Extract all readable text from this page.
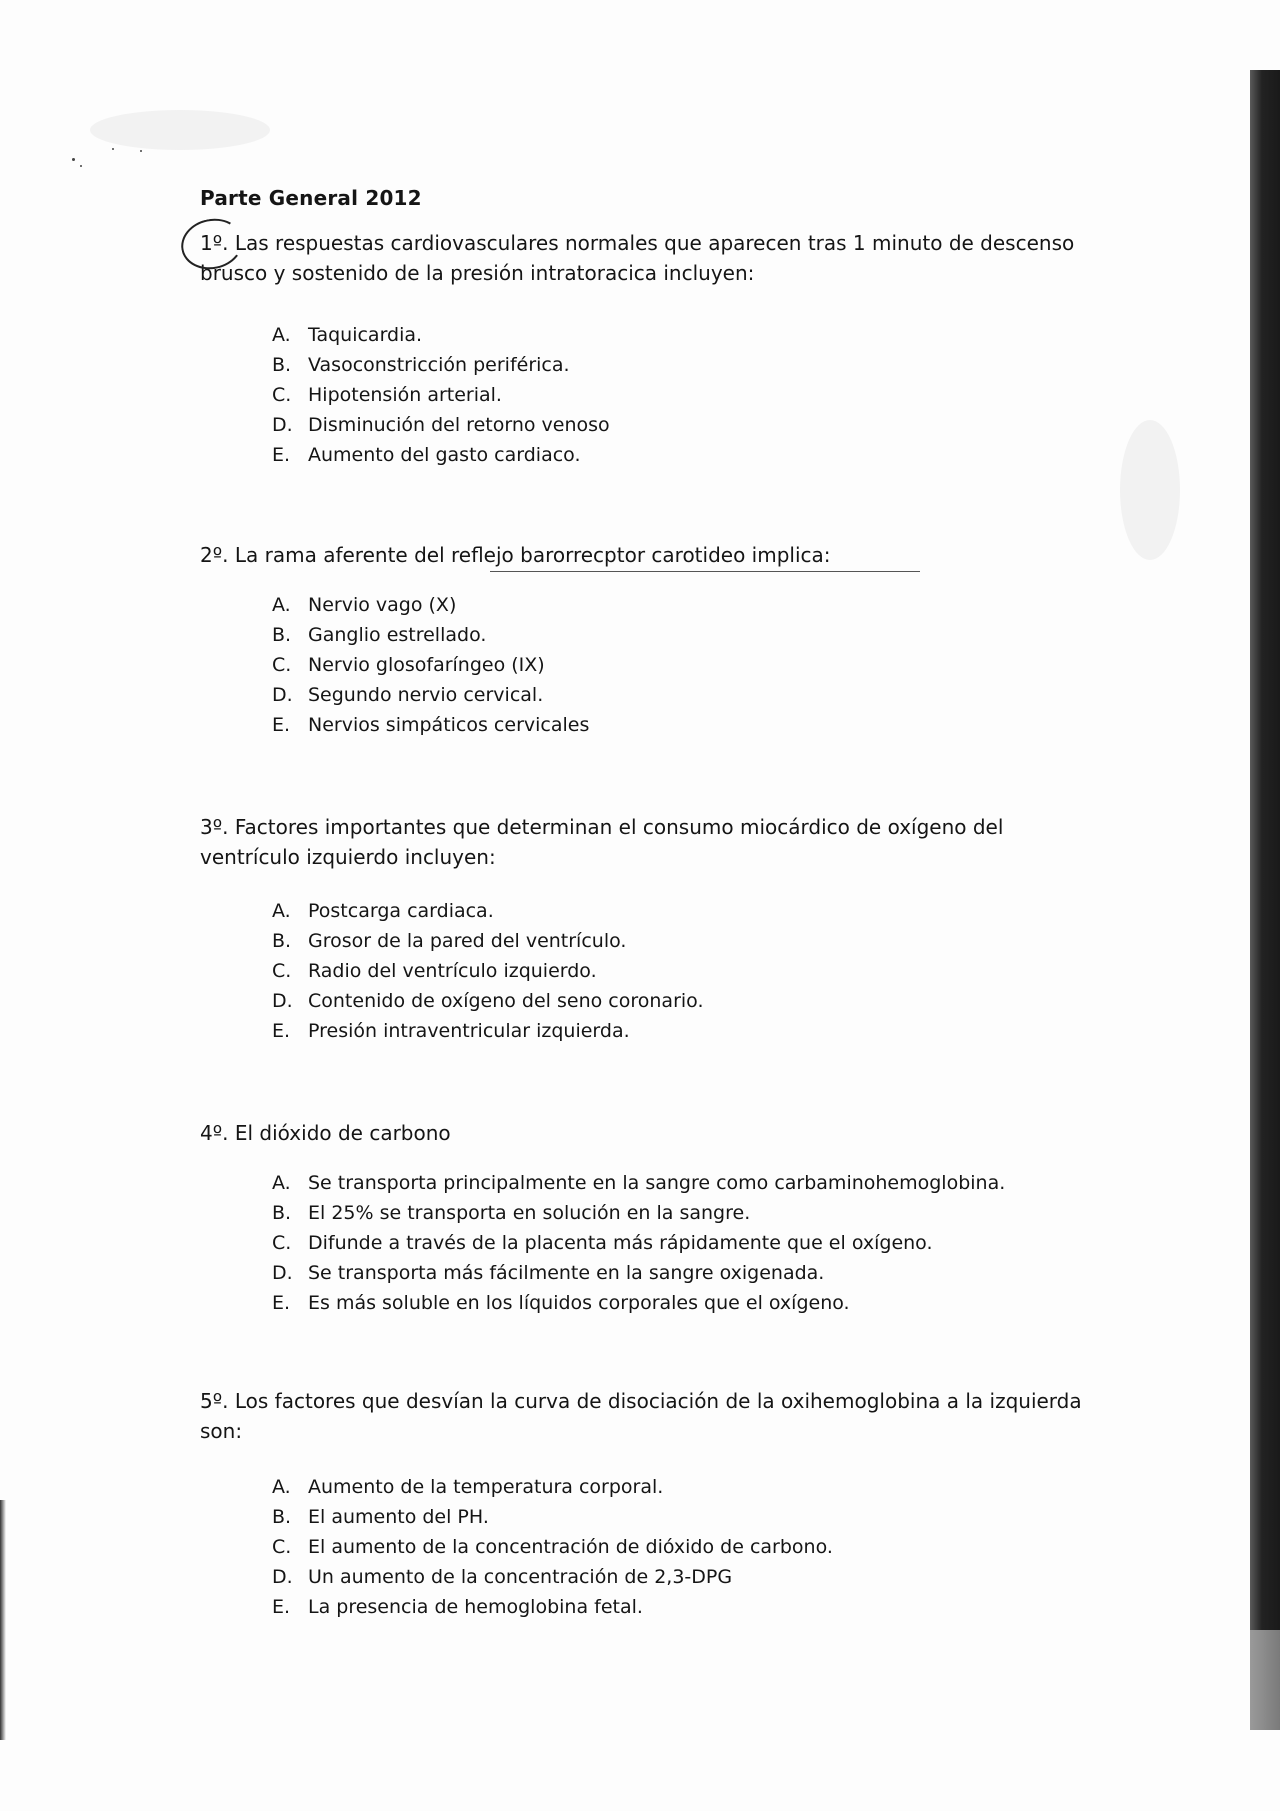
Parte General 2012

1º. Las respuestas cardiovasculares normales que aparecen tras 1 minuto de descenso brusco y sostenido de la presión intratoracica incluyen:

A. Taquicardia.
B. Vasoconstricción periférica.
C. Hipotensión arterial.
D. Disminución del retorno venoso
E. Aumento del gasto cardiaco.

2º. La rama aferente del reflejo barorrecptor carotideo implica:

A. Nervio vago (X)
B. Ganglio estrellado.
C. Nervio glosofaríngeo (IX)
D. Segundo nervio cervical.
E. Nervios simpáticos cervicales

3º. Factores importantes que determinan el consumo miocárdico de oxígeno del ventrículo izquierdo incluyen:

A. Postcarga cardiaca.
B. Grosor de la pared del ventrículo.
C. Radio del ventrículo izquierdo.
D. Contenido de oxígeno del seno coronario.
E. Presión intraventricular izquierda.

4º. El dióxido de carbono

A. Se transporta principalmente en la sangre como carbaminohemoglobina.
B. El 25% se transporta en solución en la sangre.
C. Difunde a través de la placenta más rápidamente que el oxígeno.
D. Se transporta más fácilmente en la sangre oxigenada.
E. Es más soluble en los líquidos corporales que el oxígeno.

5º. Los factores que desvían la curva de disociación de la oxihemoglobina a la izquierda son:

A. Aumento de la temperatura corporal.
B. El aumento del PH.
C. El aumento de la concentración de dióxido de carbono.
D. Un aumento de la concentración de 2,3-DPG
E. La presencia de hemoglobina fetal.
